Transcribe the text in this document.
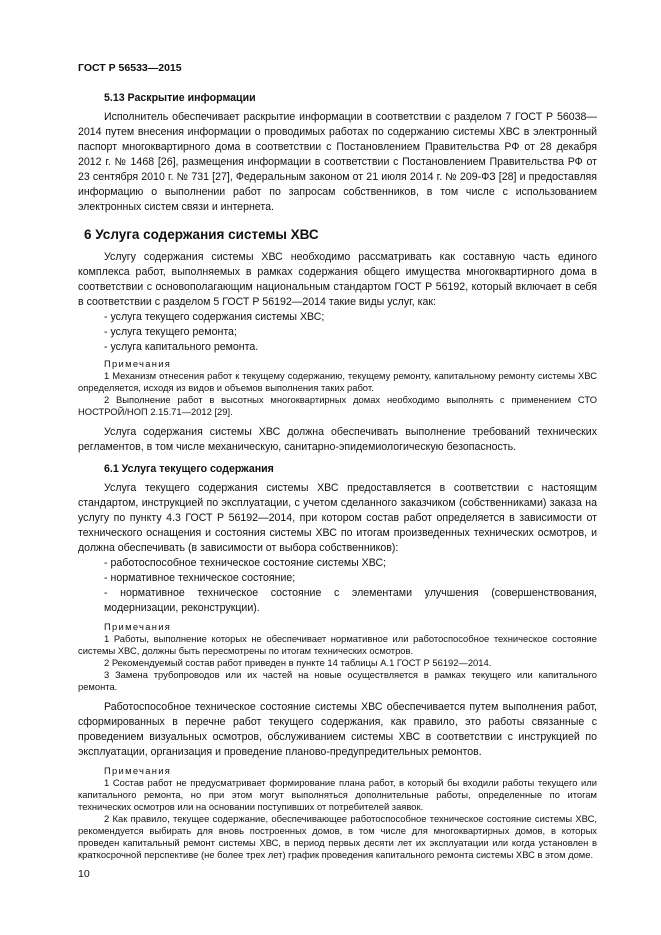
ГОСТ Р 56533—2015

5.13 Раскрытие информации

Исполнитель обеспечивает раскрытие информации в соответствии с разделом 7 ГОСТ Р 56038—2014 путем внесения информации о проводимых работах по содержанию системы ХВС в электронный паспорт многоквартирного дома в соответствии с Постановлением Правительства РФ от 28 декабря 2012 г. № 1468 [26], размещения информации в соответствии с Постановлением Правительства РФ от 23 сентября 2010 г. № 731 [27], Федеральным законом от 21 июля 2014 г. № 209-ФЗ [28] и предоставляя информацию о выполнении работ по запросам собственников, в том числе с использованием электронных систем связи и интернета.

6 Услуга содержания системы ХВС

Услугу содержания системы ХВС необходимо рассматривать как составную часть единого комплекса работ, выполняемых в рамках содержания общего имущества многоквартирного дома в соответствии с основополагающим национальным стандартом ГОСТ Р 56192, который включает в себя в соответствии с разделом 5 ГОСТ Р 56192—2014 такие виды услуг, как:

- услуга текущего содержания системы ХВС;

- услуга текущего ремонта;

- услуга капитального ремонта.

Примечания

1 Механизм отнесения работ к текущему содержанию, текущему ремонту, капитальному ремонту системы ХВС определяется, исходя из видов и объемов выполнения таких работ.

2 Выполнение работ в высотных многоквартирных домах необходимо выполнять с применением СТО НОСТРОЙ/НОП 2.15.71—2012 [29].

Услуга содержания системы ХВС должна обеспечивать выполнение требований технических регламентов, в том числе механическую, санитарно-эпидемиологическую безопасность.

6.1 Услуга текущего содержания

Услуга текущего содержания системы ХВС предоставляется в соответствии с настоящим стандартом, инструкцией по эксплуатации, с учетом сделанного заказчиком (собственниками) заказа на услугу по пункту 4.3 ГОСТ Р 56192—2014, при котором состав работ определяется в зависимости от технического оснащения и состояния системы ХВС по итогам произведенных технических осмотров, и должна обеспечивать (в зависимости от выбора собственников):

- работоспособное техническое состояние системы ХВС;

- нормативное техническое состояние;

- нормативное техническое состояние с элементами улучшения (совершенствования, модернизации, реконструкции).

Примечания

1 Работы, выполнение которых не обеспечивает нормативное или работоспособное техническое состояние системы ХВС, должны быть пересмотрены по итогам технических осмотров.

2 Рекомендуемый состав работ приведен в пункте 14 таблицы А.1 ГОСТ Р 56192—2014.

3 Замена трубопроводов или их частей на новые осуществляется в рамках текущего или капитального ремонта.

Работоспособное техническое состояние системы ХВС обеспечивается путем выполнения работ, сформированных в перечне работ текущего содержания, как правило, это работы связанные с проведением визуальных осмотров, обслуживанием системы ХВС в соответствии с инструкцией по эксплуатации, организация и проведение планово-предупредительных ремонтов.

Примечания

1 Состав работ не предусматривает формирование плана работ, в который бы входили работы текущего или капитального ремонта, но при этом могут выполняться дополнительные работы, определенные по итогам технических осмотров или на основании поступивших от потребителей заявок.

2 Как правило, текущее содержание, обеспечивающее работоспособное техническое состояние системы ХВС, рекомендуется выбирать для вновь построенных домов, в том числе для многоквартирных домов, в которых проведен капитальный ремонт системы ХВС, в период первых десяти лет их эксплуатации или когда установлен в краткосрочной перспективе (не более трех лет) график проведения капитального ремонта системы ХВС в этом доме.

10
